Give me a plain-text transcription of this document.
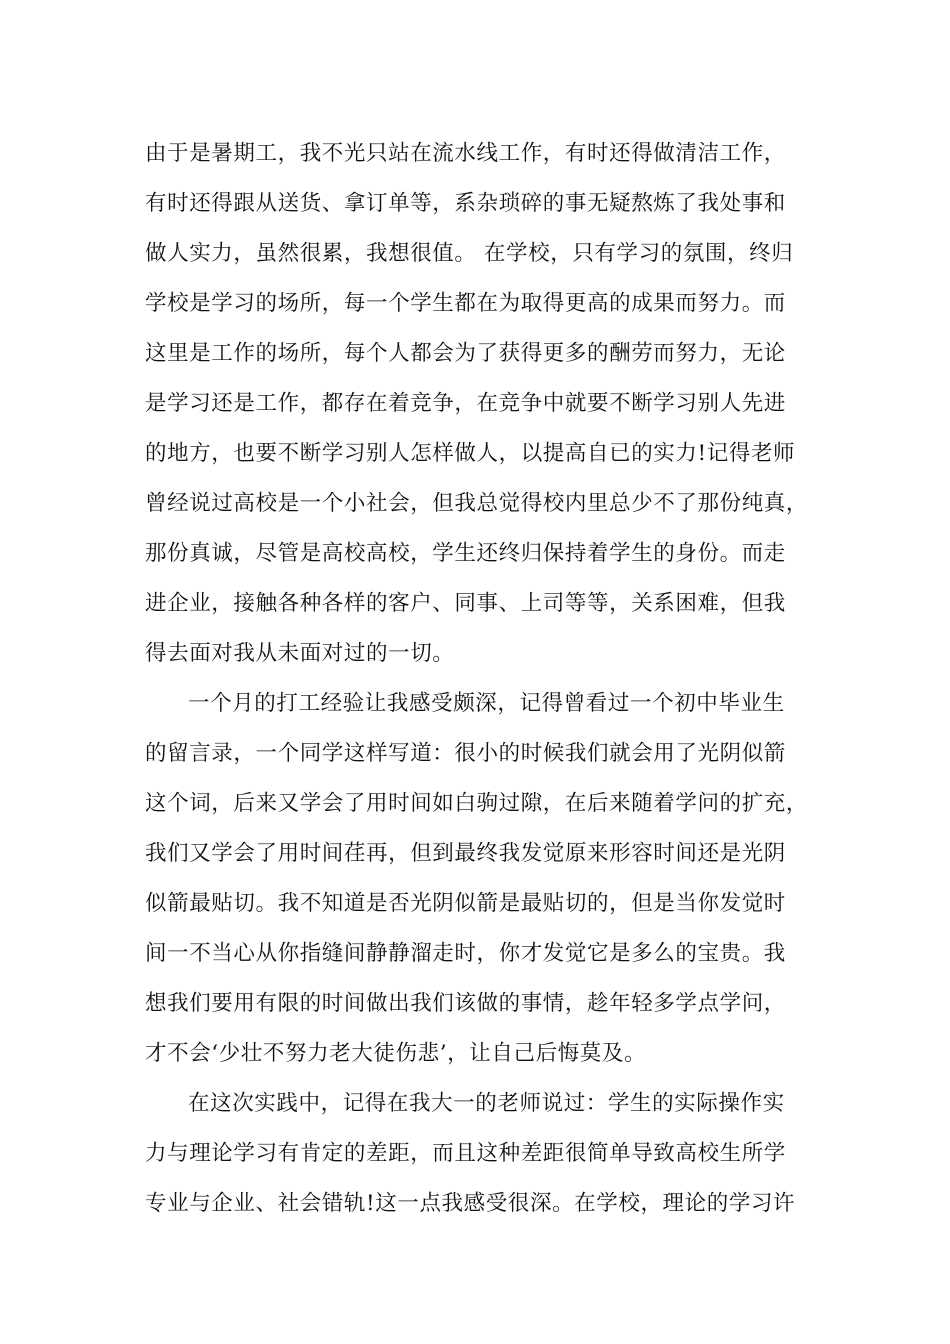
由于是暑期工，我不光只站在流水线工作，有时还得做清洁工作，
有时还得跟从送货、拿订单等，系杂琐碎的事无疑熬炼了我处事和
做人实力，虽然很累，我想很值。 在学校，只有学习的氛围，终归
学校是学习的场所，每一个学生都在为取得更高的成果而努力。而
这里是工作的场所，每个人都会为了获得更多的酬劳而努力，无论
是学习还是工作，都存在着竞争，在竞争中就要不断学习别人先进
的地方，也要不断学习别人怎样做人，以提高自已的实力!记得老师
曾经说过高校是一个小社会，但我总觉得校内里总少不了那份纯真，
那份真诚，尽管是高校高校，学生还终归保持着学生的身份。而走
进企业，接触各种各样的客户、同事、上司等等，关系困难，但我
得去面对我从未面对过的一切。
一个月的打工经验让我感受颇深，记得曾看过一个初中毕业生
的留言录，一个同学这样写道：很小的时候我们就会用了光阴似箭
这个词，后来又学会了用时间如白驹过隙，在后来随着学问的扩充，
我们又学会了用时间荏再，但到最终我发觉原来形容时间还是光阴
似箭最贴切。我不知道是否光阴似箭是最贴切的，但是当你发觉时
间一不当心从你指缝间静静溜走时，你才发觉它是多么的宝贵。我
想我们要用有限的时间做出我们该做的事情，趁年轻多学点学问，
才不会‘少壮不努力老大徒伤悲’，让自己后悔莫及。
在这次实践中，记得在我大一的老师说过：学生的实际操作实
力与理论学习有肯定的差距，而且这种差距很简单导致高校生所学
专业与企业、社会错轨!这一点我感受很深。在学校，理论的学习许
